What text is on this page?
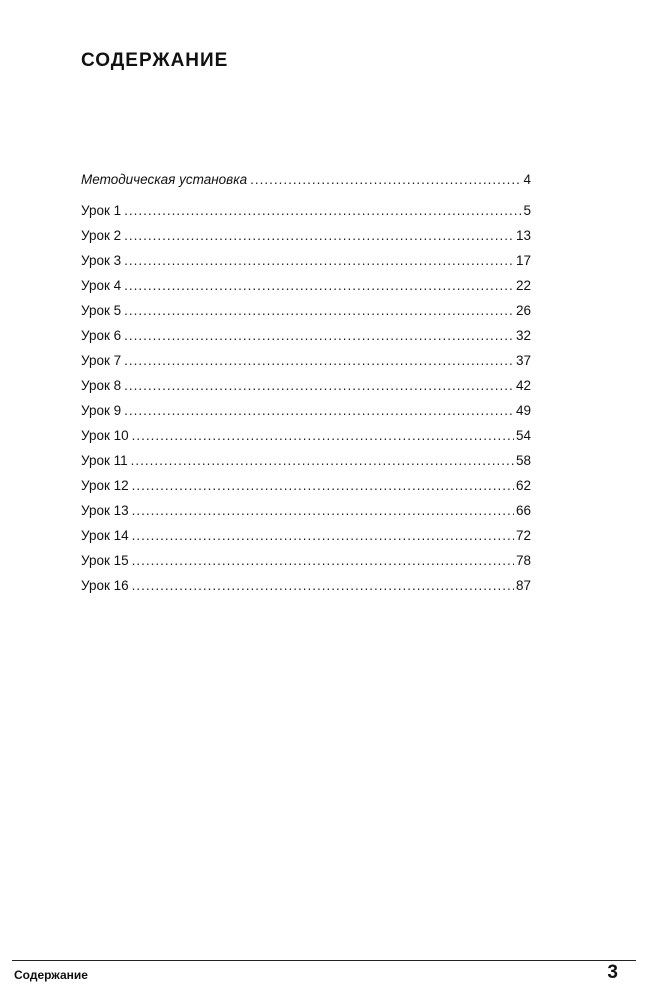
СОДЕРЖАНИЕ
Методическая установка .....	4
Урок 1 .....	5
Урок 2 .....	13
Урок 3 .....	17
Урок 4 .....	22
Урок 5 .....	26
Урок 6 .....	32
Урок 7 .....	37
Урок 8 .....	42
Урок 9 .....	49
Урок 10 .....	54
Урок 11 .....	58
Урок 12 .....	62
Урок 13 .....	66
Урок 14 .....	72
Урок 15 .....	78
Урок 16 .....	87
Содержание	3
